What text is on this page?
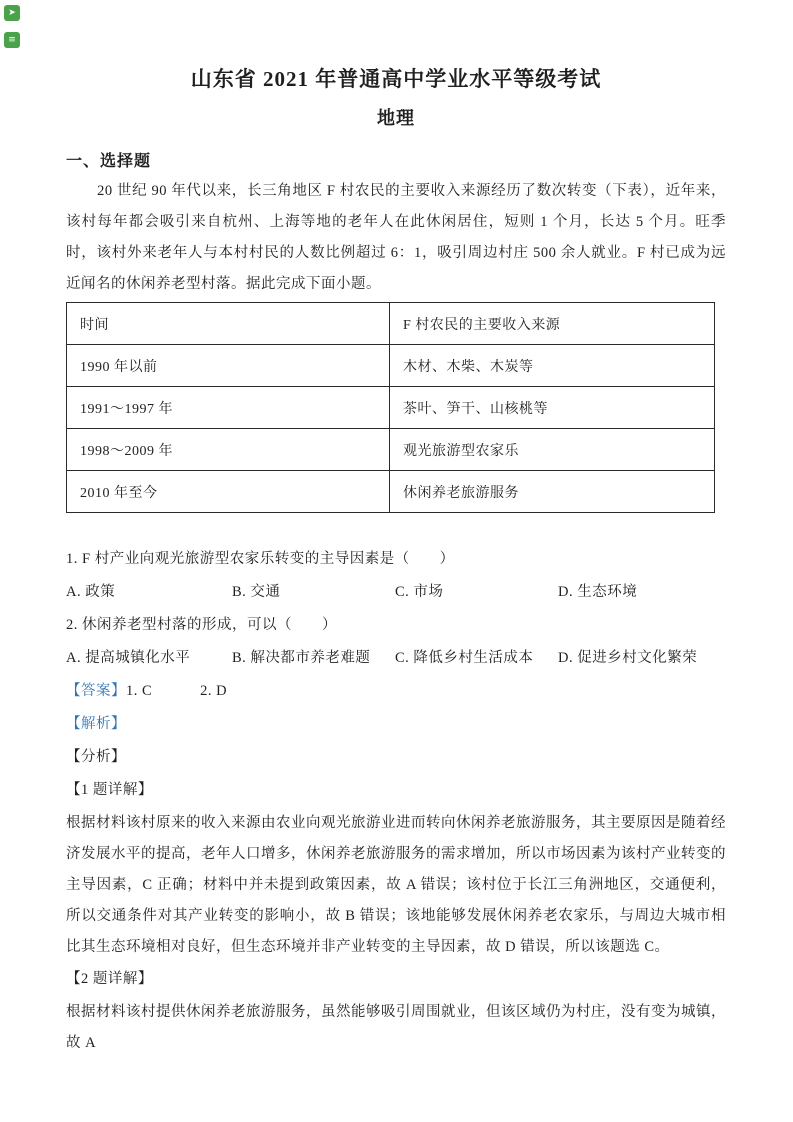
➤
≡
山东省 2021 年普通高中学业水平等级考试
地理
一、选择题

20 世纪 90 年代以来，长三角地区 F 村农民的主要收入来源经历了数次转变（下表），近年来，该村每年都会吸引来自杭州、上海等地的老年人在此休闲居住，短则 1 个月，长达 5 个月。旺季时，该村外来老年人与本村村民的人数比例超过 6：1，吸引周边村庄 500 余人就业。F 村已成为远近闻名的休闲养老型村落。据此完成下面小题。

时间	F 村农民的主要收入来源
1990 年以前	木材、木柴、木炭等
1991～1997 年	茶叶、笋干、山核桃等
1998～2009 年	观光旅游型农家乐
2010 年至今	休闲养老旅游服务
1. F 村产业向观光旅游型农家乐转变的主导因素是（　　）
A. 政策	B. 交通	C. 市场	D. 生态环境
2. 休闲养老型村落的形成，可以（　　）
A. 提高城镇化水平	B. 解决都市养老难题	C. 降低乡村生活成本	D. 促进乡村文化繁荣
【答案】1. C	2. D
【解析】
【分析】
【1 题详解】

根据材料该村原来的收入来源由农业向观光旅游业进而转向休闲养老旅游服务，其主要原因是随着经济发展水平的提高，老年人口增多，休闲养老旅游服务的需求增加，所以市场因素为该村产业转变的主导因素，C 正确；材料中并未提到政策因素，故 A 错误；该村位于长江三角洲地区，交通便利，所以交通条件对其产业转变的影响小，故 B 错误；该地能够发展休闲养老农家乐，与周边大城市相比其生态环境相对良好，但生态环境并非产业转变的主导因素，故 D 错误，所以该题选 C。

【2 题详解】

根据材料该村提供休闲养老旅游服务，虽然能够吸引周围就业，但该区域仍为村庄，没有变为城镇，故 A
